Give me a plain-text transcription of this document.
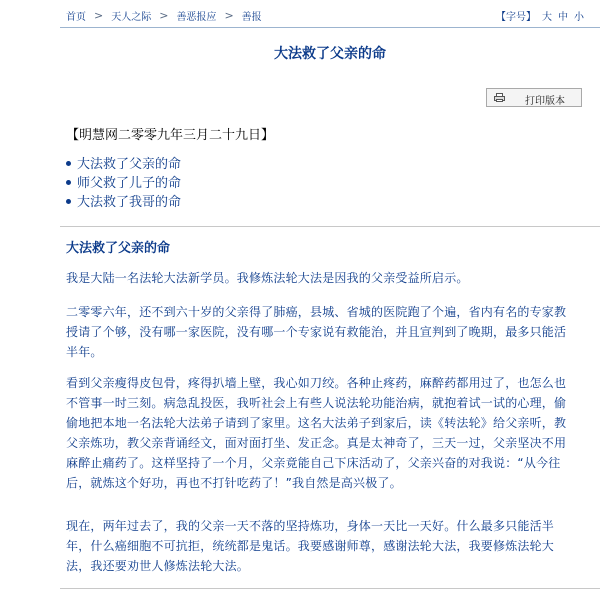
首页 > 天人之际 > 善恶报应 > 善报	【字号】 大 中 小
大法救了父亲的命
打印版本
【明慧网二零零九年三月二十九日】
大法救了父亲的命
师父救了儿子的命
大法救了我哥的命
大法救了父亲的命

我是大陆一名法轮大法新学员。我修炼法轮大法是因我的父亲受益所启示。

二零零六年，还不到六十岁的父亲得了肺癌，县城、省城的医院跑了个遍，省内有名的专家教授请了个够，没有哪一家医院，没有哪一个专家说有救能治，并且宣判到了晚期，最多只能活半年。

看到父亲瘦得皮包骨，疼得扒墙上壁，我心如刀绞。各种止疼药，麻醉药都用过了，也怎么也不管事一时三刻。病急乱投医，我听社会上有些人说法轮功能治病，就抱着试一试的心理，偷偷地把本地一名法轮大法弟子请到了家里。这名大法弟子到家后，读《转法轮》给父亲听，教父亲炼功，教父亲背诵经文，面对面打坐、发正念。真是太神奇了，三天一过，父亲坚决不用麻醉止痛药了。这样坚持了一个月，父亲竟能自己下床活动了，父亲兴奋的对我说：“从今往后，就炼这个好功，再也不打针吃药了！”我自然是高兴极了。

现在，两年过去了，我的父亲一天不落的坚持炼功，身体一天比一天好。什么最多只能活半年，什么癌细胞不可抗拒，统统都是鬼话。我要感谢师尊，感谢法轮大法，我要修炼法轮大法，我还要劝世人修炼法轮大法。
